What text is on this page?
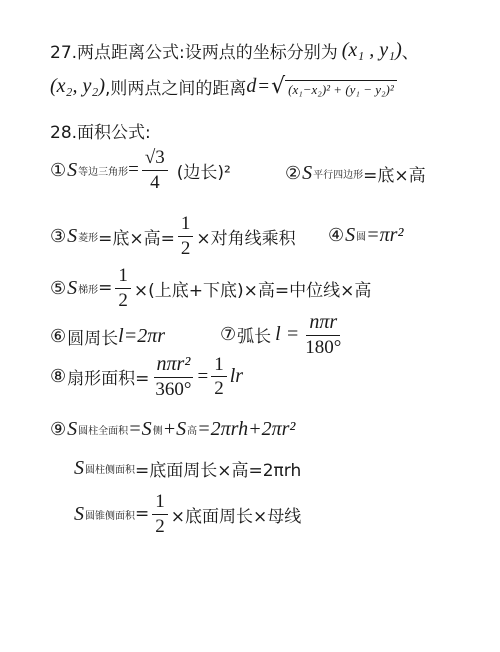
27.两点距离公式:设两点的坐标分别为 (x₁ , y₁) 、
(x₂, y₂) ,则两点之间的距离 d = √ (x₁−x₂)² + (y₁ − y₂)²
28.面积公式:
① S 等边三角形 = $\frac{√3}{4}$ (边长)²	② S 平行四边形 =底×高
③ S 菱形 =底×高= $\frac{1}{2}$ ×对角线乘积 ④ S 圆 =πr²
⑤ S 梯形 = $\frac{1}{2}$ ×(上底+下底)×高=中位线×高
⑥ 圆周长 l=2πr	⑦ 弧长 $l = \frac{\text{nπr}}{180^\circ}$
⑧ 扇形面积= $\frac{\text{nπr²}}{360^\circ} = \frac{1}{2}$ lr
⑨ S 圆柱全面积 =S 侧 +S 高 =2πrh+2πr²
S 圆柱侧面积 =底面周长×高=2πrh
S 圆锥侧面积 = $\frac{1}{2}$ ×底面周长×母线
